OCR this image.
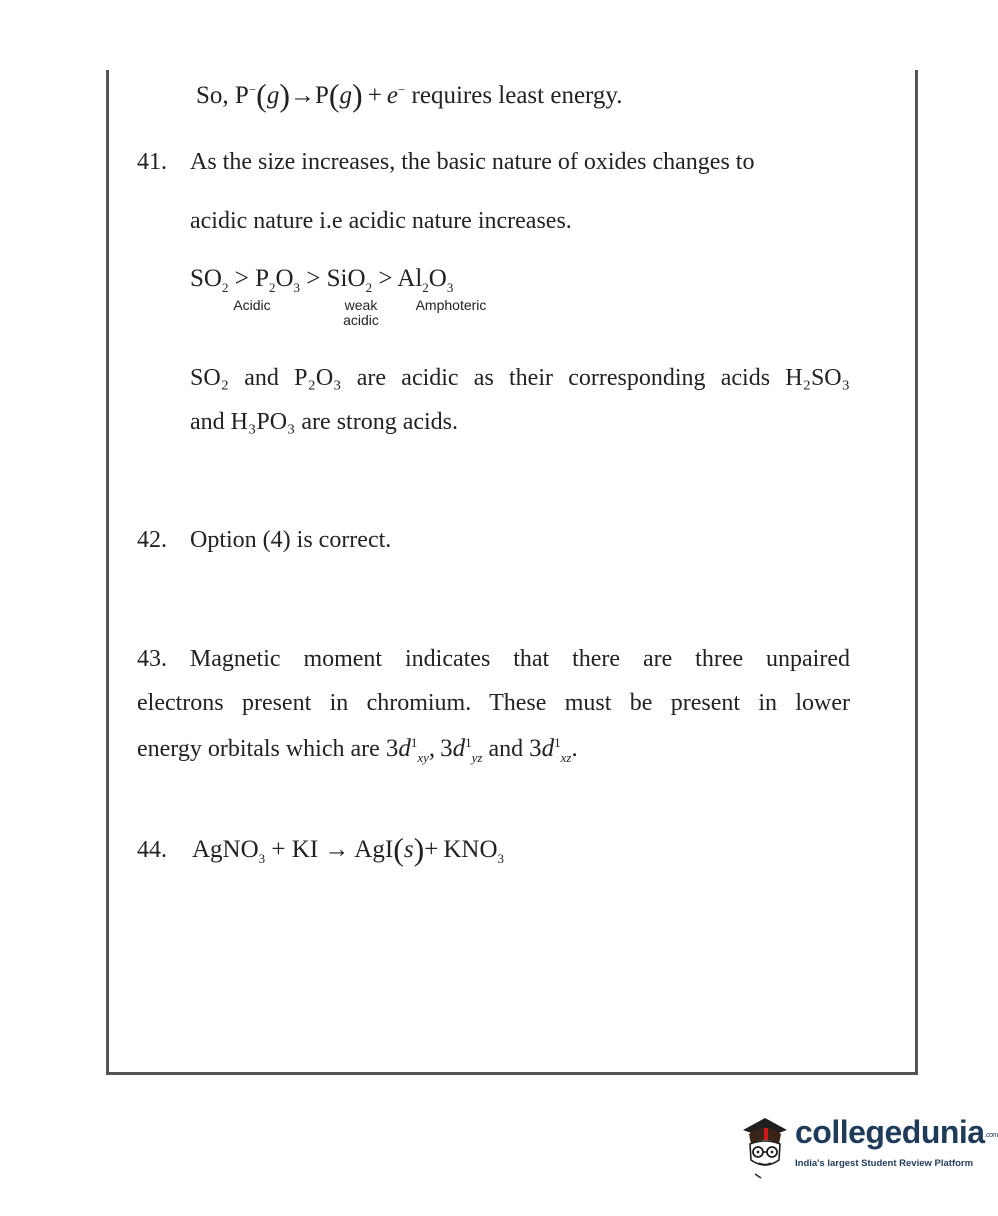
So, P−(g)→P(g)  +  e− requires least energy.
41. As the size increases, the basic nature of oxides changes to
acidic nature i.e acidic nature increases.
$SO_2 > P_2O_3 > SiO_2 > Al_2O_3$
Acidic	weak
acidic
Amphoteric
SO₂ and P₂O₃ are acidic as their corresponding acids H₂SO₃
and H₃PO₃ are strong acids.
42. Option (4) is correct.
43. Magnetic moment indicates that there are three unpaired
electrons present in chromium. These must be present in lower
energy orbitals which are $3d^1_{xy}$, $3d^1_{yz}$ and $3d^1_{xz}$.
44. AgNO$_3$ + KI → $AgI(s)+ KNO_3$
collegedunia.com
India's largest Student Review Platform
